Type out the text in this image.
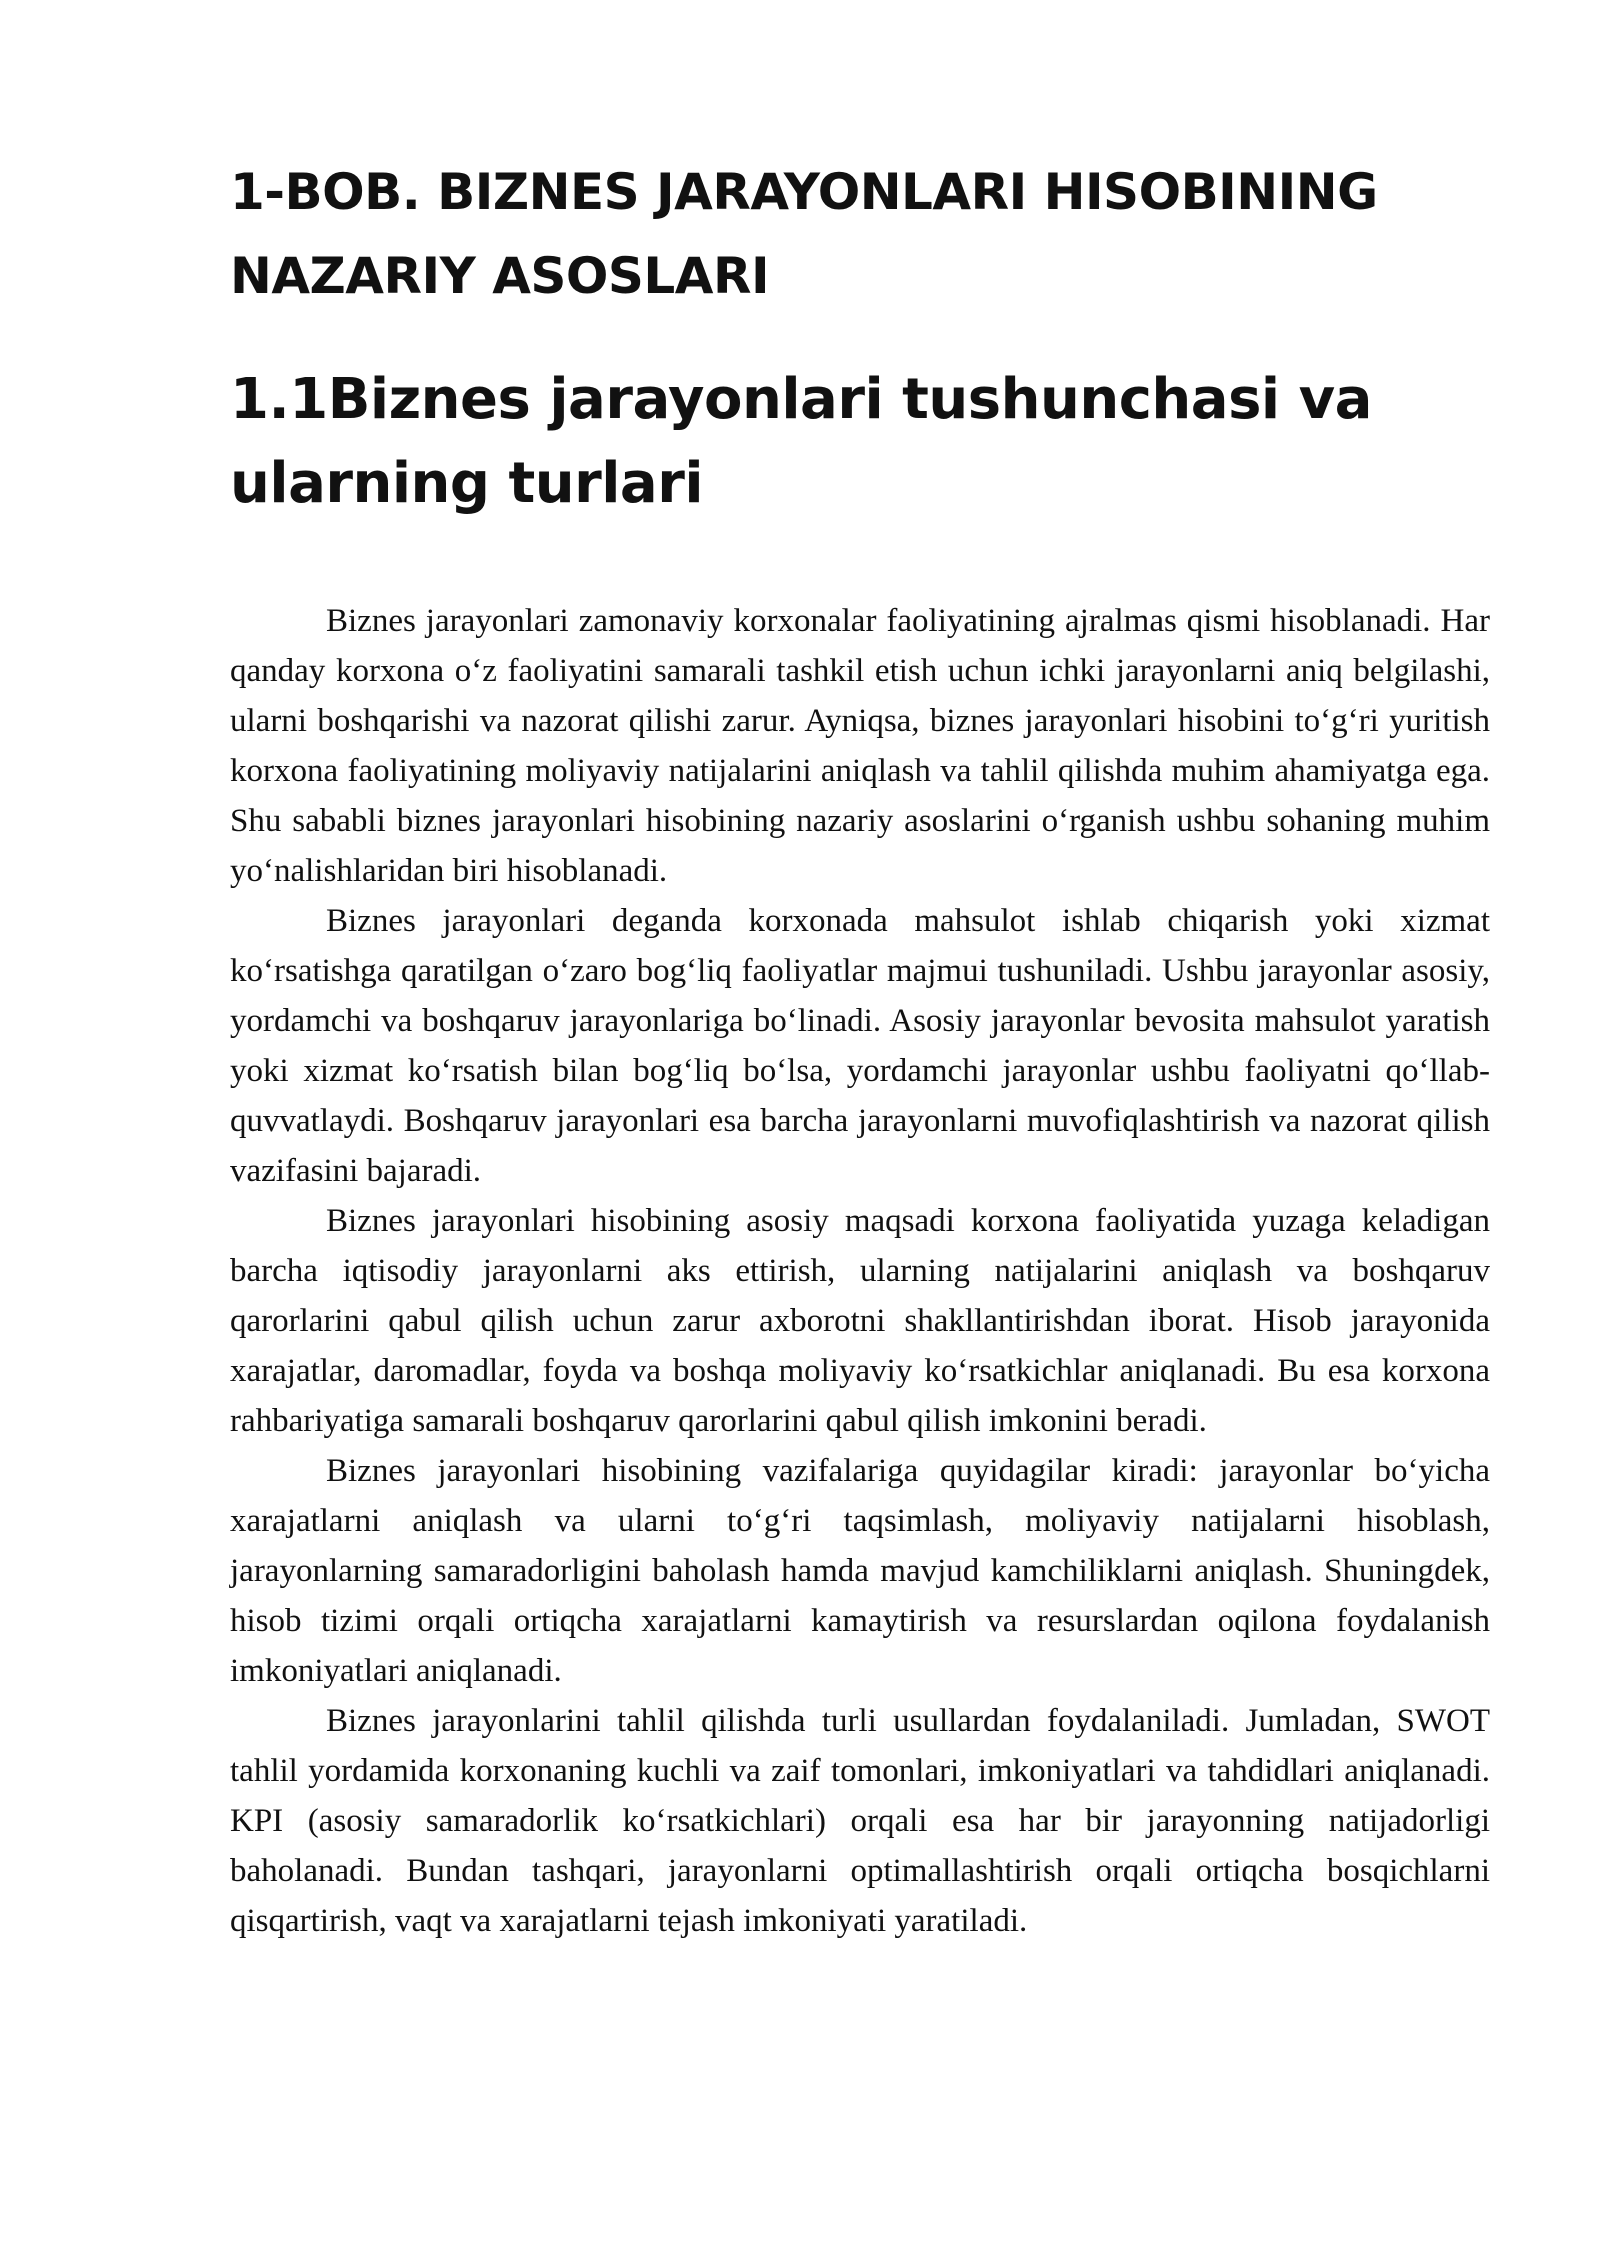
1-BOB. BIZNES JARAYONLARI HISOBINING NAZARIY ASOSLARI
1.1Biznes jarayonlari tushunchasi va ularning turlari

Biznes jarayonlari zamonaviy korxonalar faoliyatining ajralmas qismi hisoblanadi. Har qanday korxona o‘z faoliyatini samarali tashkil etish uchun ichki jarayonlarni aniq belgilashi, ularni boshqarishi va nazorat qilishi zarur. Ayniqsa, biznes jarayonlari hisobini to‘g‘ri yuritish korxona faoliyatining moliyaviy natijalarini aniqlash va tahlil qilishda muhim ahamiyatga ega. Shu sababli biznes jarayonlari hisobining nazariy asoslarini o‘rganish ushbu sohaning muhim yo‘nalishlaridan biri hisoblanadi.

Biznes jarayonlari deganda korxonada mahsulot ishlab chiqarish yoki xizmat ko‘rsatishga qaratilgan o‘zaro bog‘liq faoliyatlar majmui tushuniladi. Ushbu jarayonlar asosiy, yordamchi va boshqaruv jarayonlariga bo‘linadi. Asosiy jarayonlar bevosita mahsulot yaratish yoki xizmat ko‘rsatish bilan bog‘liq bo‘lsa, yordamchi jarayonlar ushbu faoliyatni qo‘llab-quvvatlaydi. Boshqaruv jarayonlari esa barcha jarayonlarni muvofiqlashtirish va nazorat qilish vazifasini bajaradi.

Biznes jarayonlari hisobining asosiy maqsadi korxona faoliyatida yuzaga keladigan barcha iqtisodiy jarayonlarni aks ettirish, ularning natijalarini aniqlash va boshqaruv qarorlarini qabul qilish uchun zarur axborotni shakllantirishdan iborat. Hisob jarayonida xarajatlar, daromadlar, foyda va boshqa moliyaviy ko‘rsatkichlar aniqlanadi. Bu esa korxona rahbariyatiga samarali boshqaruv qarorlarini qabul qilish imkonini beradi.

Biznes jarayonlari hisobining vazifalariga quyidagilar kiradi: jarayonlar bo‘yicha xarajatlarni aniqlash va ularni to‘g‘ri taqsimlash, moliyaviy natijalarni hisoblash, jarayonlarning samaradorligini baholash hamda mavjud kamchiliklarni aniqlash. Shuningdek, hisob tizimi orqali ortiqcha xarajatlarni kamaytirish va resurslardan oqilona foydalanish imkoniyatlari aniqlanadi.

Biznes jarayonlarini tahlil qilishda turli usullardan foydalaniladi. Jumladan, SWOT tahlil yordamida korxonaning kuchli va zaif tomonlari, imkoniyatlari va tahdidlari aniqlanadi. KPI (asosiy samaradorlik ko‘rsatkichlari) orqali esa har bir jarayonning natijadorligi baholanadi. Bundan tashqari, jarayonlarni optimallashtirish orqali ortiqcha bosqichlarni qisqartirish, vaqt va xarajatlarni tejash imkoniyati yaratiladi.
